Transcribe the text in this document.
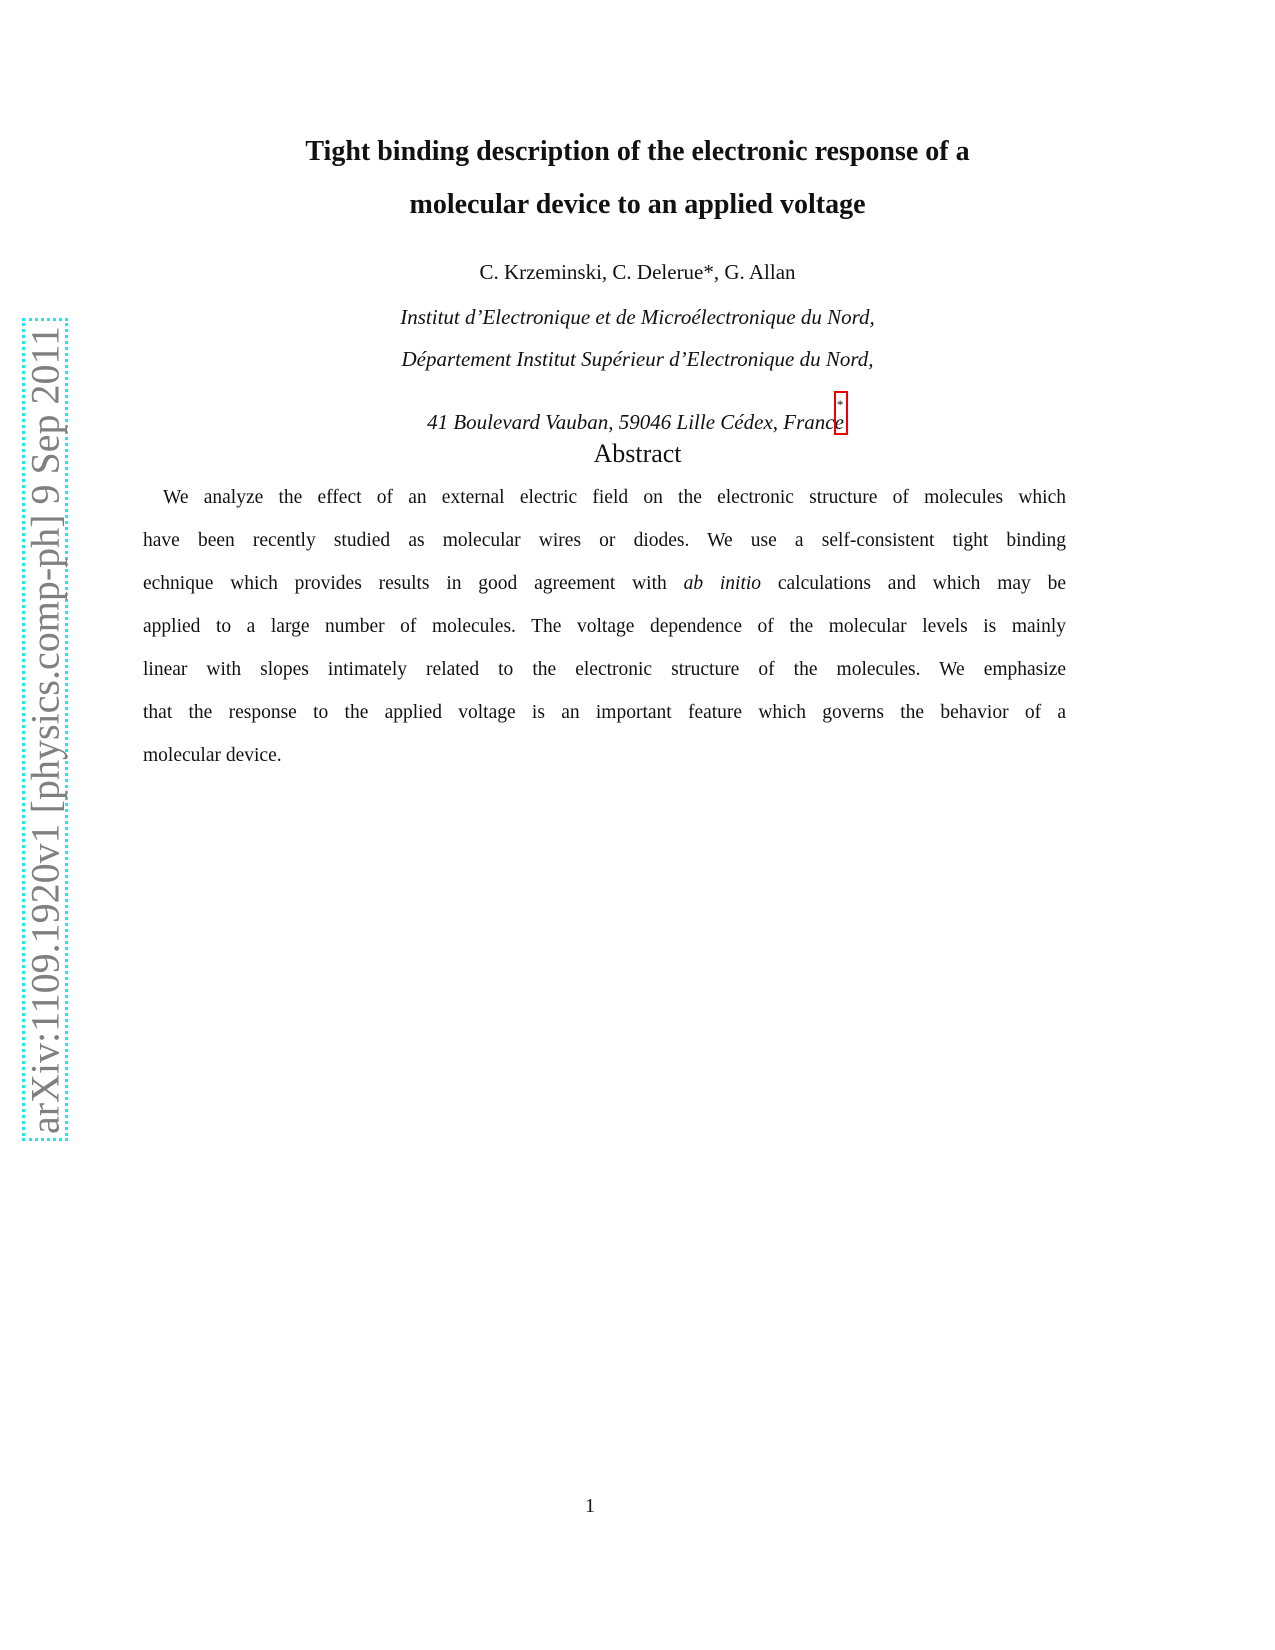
arXiv:1109.1920v1 [physics.comp-ph] 9 Sep 2011
Tight binding description of the electronic response of a
molecular device to an applied voltage
C. Krzeminski, C. Delerue*, G. Allan
Institut d’Electronique et de Microélectronique du Nord,
Département Institut Supérieur d’Electronique du Nord,
41 Boulevard Vauban, 59046 Lille Cédex, France
*
Abstract
We analyze the effect of an external electric field on the electronic structure of molecules which
have been recently studied as molecular wires or diodes. We use a self-consistent tight binding
echnique which provides results in good agreement with ab initio calculations and which may be
applied to a large number of molecules. The voltage dependence of the molecular levels is mainly
linear with slopes intimately related to the electronic structure of the molecules. We emphasize
that the response to the applied voltage is an important feature which governs the behavior of a
molecular device.
1
